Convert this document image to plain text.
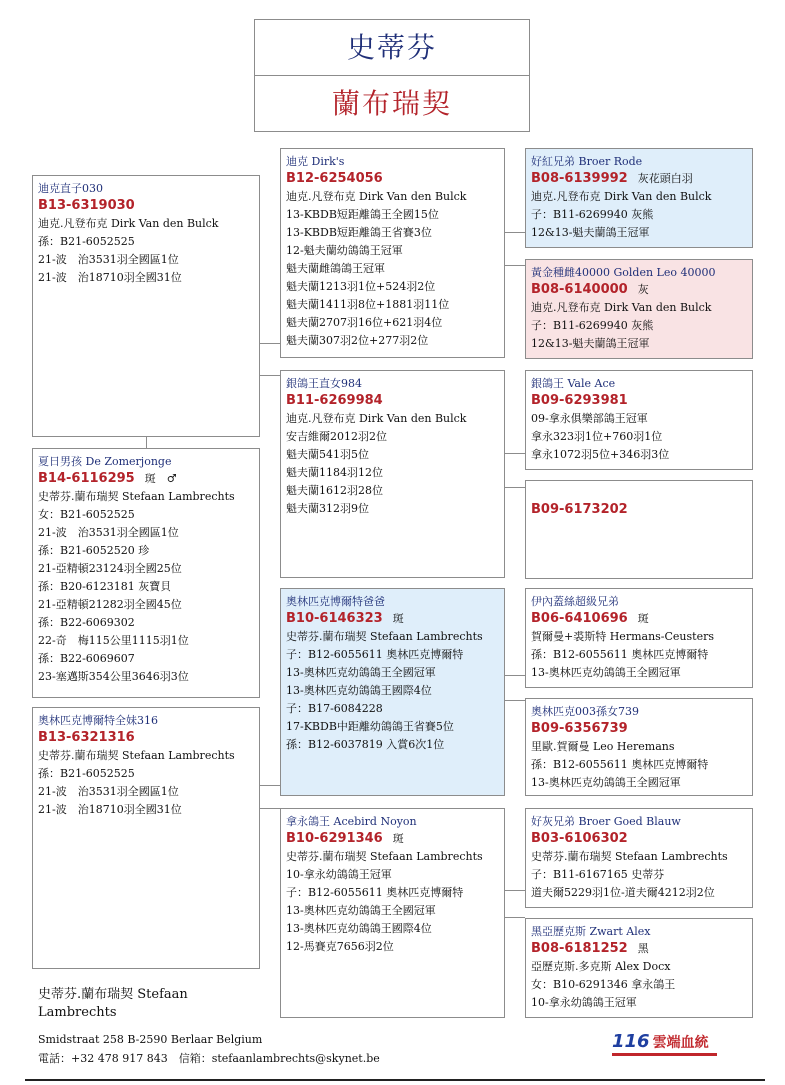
史蒂芬
蘭布瑞契
迪克直子030
B13-6319030
迪克.凡登布克 Dirk Van den Bulck
孫：B21-6052525
21-波　治3531羽全國區1位
21-波　治18710羽全國31位
夏日男孩 De Zomerjonge
B14-6116295 斑　♂
史蒂芬.蘭布瑞契 Stefaan Lambrechts
女：B21-6052525
21-波　治3531羽全國區1位
孫：B21-6052520 珍
21-亞精頓23124羽全國25位
孫：B20-6123181 灰寶貝
21-亞精頓21282羽全國45位
孫：B22-6069302
22-奇　梅115公里1115羽1位
孫：B22-6069607
23-塞邁斯354公里3646羽3位
奧林匹克博爾特全妹316
B13-6321316
史蒂芬.蘭布瑞契 Stefaan Lambrechts
孫：B21-6052525
21-波　治3531羽全國區1位
21-波　治18710羽全國31位
迪克 Dirk's
B12-6254056
迪克.凡登布克 Dirk Van den Bulck
13-KBDB短距離鴿王全國15位
13-KBDB短距離鴿王省賽3位
12-魁夫蘭幼鴿鴿王冠軍
魁夫蘭雌鴿鴿王冠軍
魁夫蘭1213羽1位+524羽2位
魁夫蘭1411羽8位+1881羽11位
魁夫蘭2707羽16位+621羽4位
魁夫蘭307羽2位+277羽2位
銀鴿王直女984
B11-6269984
迪克.凡登布克 Dirk Van den Bulck
安吉維爾2012羽2位
魁夫蘭541羽5位
魁夫蘭1184羽12位
魁夫蘭1612羽28位
魁夫蘭312羽9位
奧林匹克博爾特爸爸
B10-6146323 斑
史蒂芬.蘭布瑞契 Stefaan Lambrechts
子：B12-6055611 奧林匹克博爾特
13-奧林匹克幼鴿鴿王全國冠軍
13-奧林匹克幼鴿鴿王國際4位
子：B17-6084228
17-KBDB中距離幼鴿鴿王省賽5位
孫：B12-6037819 入賞6次1位
拿永鴿王 Acebird Noyon
B10-6291346 斑
史蒂芬.蘭布瑞契 Stefaan Lambrechts
10-拿永幼鴿鴿王冠軍
子：B12-6055611 奧林匹克博爾特
13-奧林匹克幼鴿鴿王全國冠軍
13-奧林匹克幼鴿鴿王國際4位
12-馬賽克7656羽2位
好紅兄弟 Broer Rode
B08-6139992 灰花頭白羽
迪克.凡登布克 Dirk Van den Bulck
子：B11-6269940 灰熊
12&13-魁夫蘭鴿王冠軍
黃金種雌40000 Golden Leo 40000
B08-6140000 灰
迪克.凡登布克 Dirk Van den Bulck
子：B11-6269940 灰熊
12&13-魁夫蘭鴿王冠軍
銀鴿王 Vale Ace
B09-6293981
09-拿永俱樂部鴿王冠軍
拿永323羽1位+760羽1位
拿永1072羽5位+346羽3位
B09-6173202
伊內蓋絲超級兄弟
B06-6410696 斑
賀爾曼+裘斯特 Hermans-Ceusters
孫：B12-6055611 奧林匹克博爾特
13-奧林匹克幼鴿鴿王全國冠軍
奧林匹克003孫女739
B09-6356739
里歐.賀爾曼 Leo Heremans
孫：B12-6055611 奧林匹克博爾特
13-奧林匹克幼鴿鴿王全國冠軍
好灰兄弟 Broer Goed Blauw
B03-6106302
史蒂芬.蘭布瑞契 Stefaan Lambrechts
子：B11-6167165 史蒂芬
道夫爾5229羽1位-道夫爾4212羽2位
黑亞歷克斯 Zwart Alex
B08-6181252 黑
亞歷克斯.多克斯 Alex Docx
女：B10-6291346 拿永鴿王
10-拿永幼鴿鴿王冠軍
史蒂芬.蘭布瑞契 Stefaan
Lambrechts
Smidstraat 258 B-2590 Berlaar Belgium
電話：+32 478 917 843　信箱：stefaanlambrechts@skynet.be
116 雲端血統
